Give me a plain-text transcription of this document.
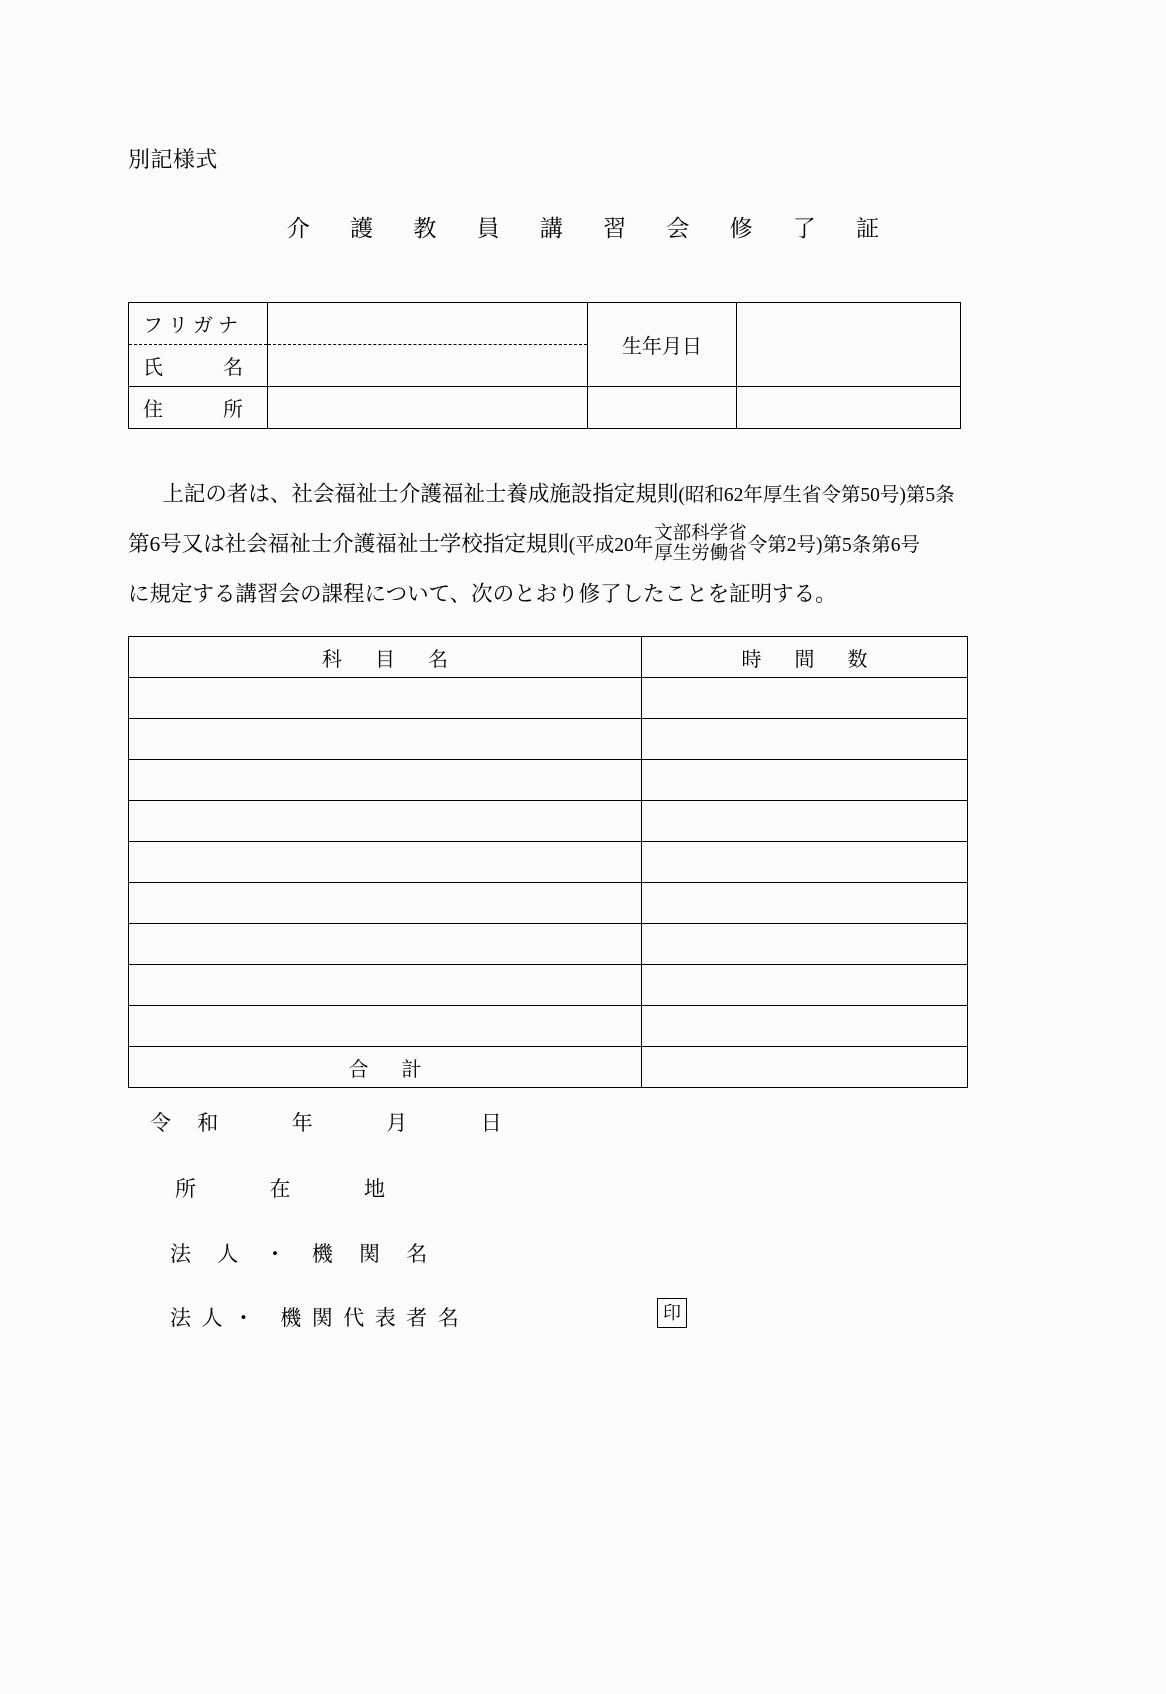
別記様式
介 護 教 員 講 習 会 修 了 証
フ リ ガ ナ		生年月日	

氏　　　名			

住　　　所			

上記の者は、社会福祉士介護福祉士養成施設指定規則(昭和62年厚生省令第50号)第5条第6号又は社会福祉士介護福祉士学校指定規則(平成20年
文部科学省
厚生労働省 令第2号)第5条第6号
に規定する講習会の課程について、次のとおり修了したことを証明する。
科 目 名	時 間 数

合 計	
令 和 　 年 　 月 　 日
所 　 在 　 地
法 人 ・ 機 関 名
法人・ 機関代表者名	印
